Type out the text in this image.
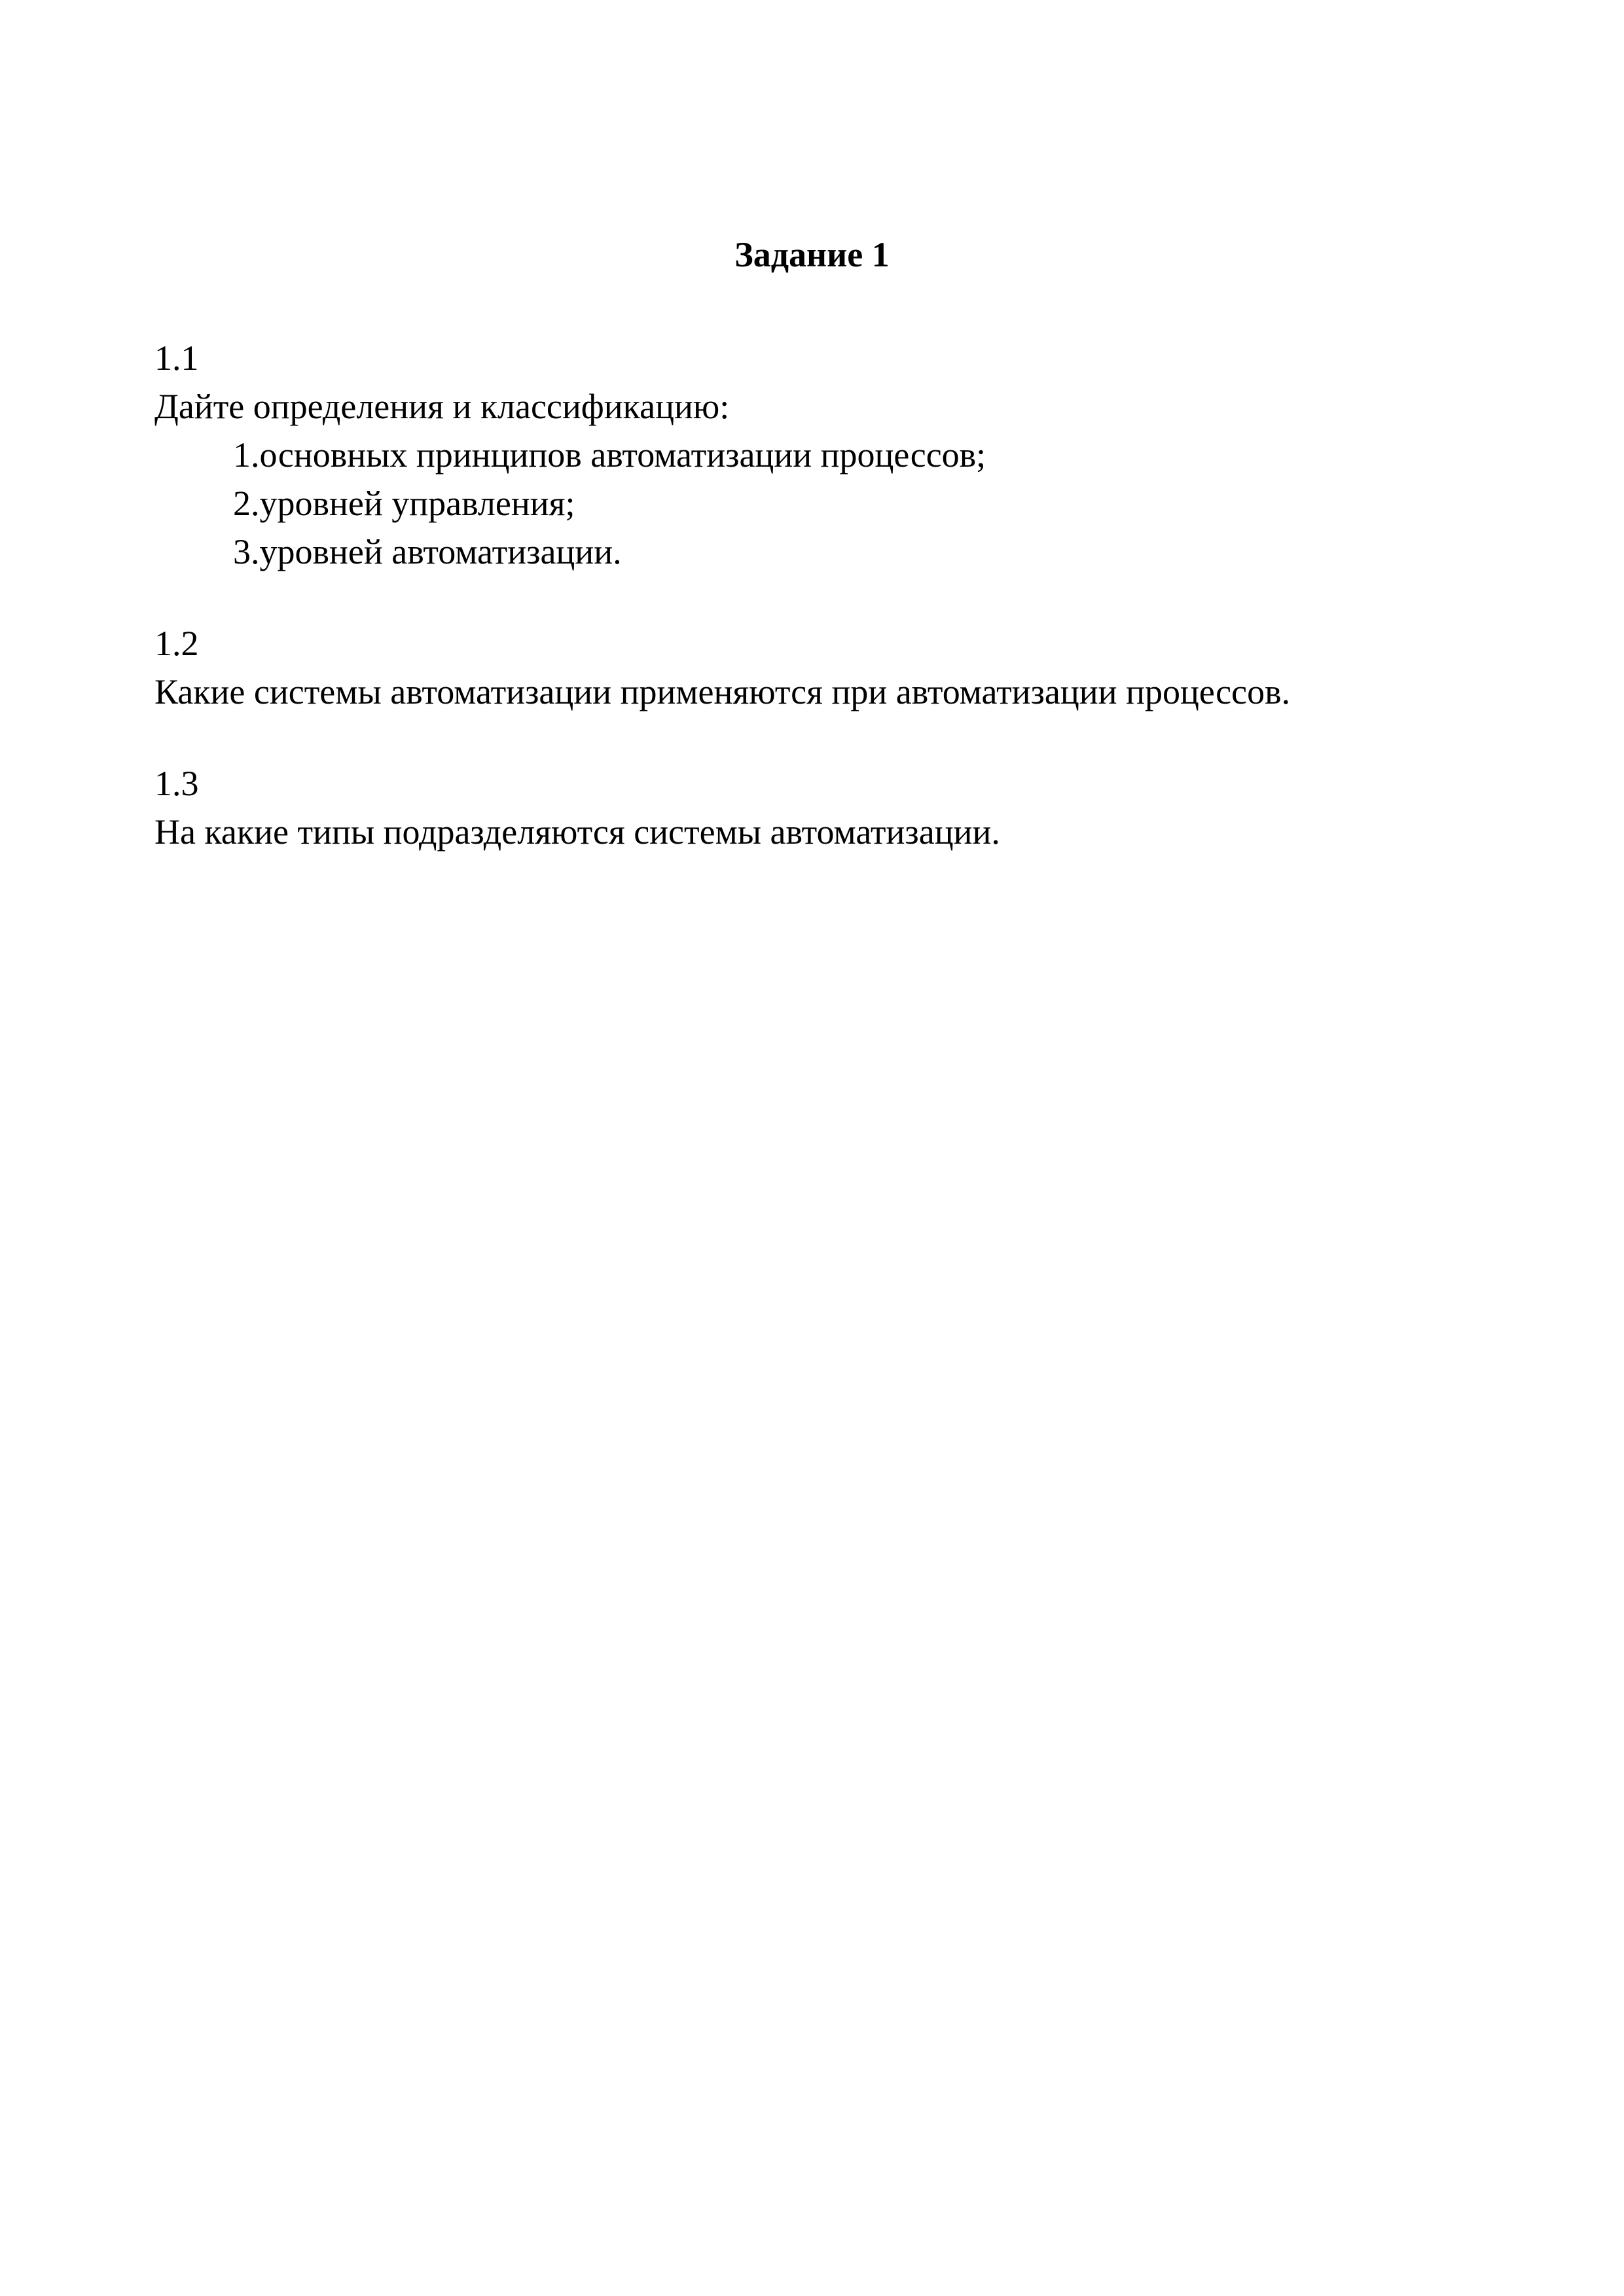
Задание 1
1.1
Дайте определения и классификацию:
1.основных принципов автоматизации процессов;
2.уровней управления;
3.уровней автоматизации.
1.2
Какие системы автоматизации применяются при автоматизации процессов.
1.3
На какие типы подразделяются системы автоматизации.
